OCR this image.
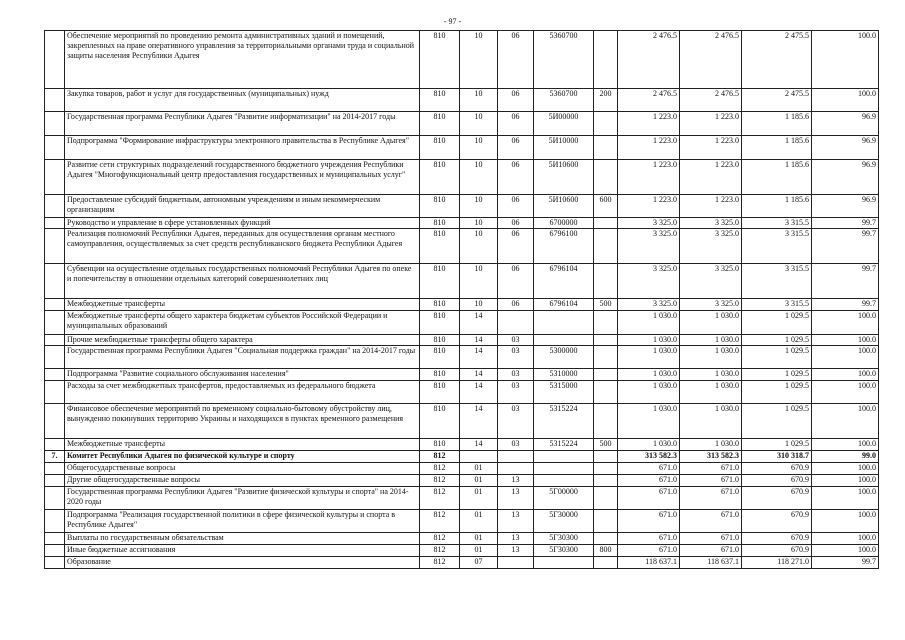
- 97 -
	Обеспечение мероприятий по проведению ремонта административных зданий и помещений, закрепленных на праве оперативного управления за территориальными органами труда и социальной защиты населения Республики Адыгея	810	10	06	5360700		2 476.5	2 476.5	2 475.5	100.0
	Закупка товаров, работ и услуг для государственных (муниципальных) нужд	810	10	06	5360700	200	2 476.5	2 476.5	2 475.5	100.0
	Государственная программа Республики Адыгея "Развитие информатизации" на 2014-2017 годы	810	10	06	5И00000		1 223.0	1 223.0	1 185.6	96.9
	Подпрограмма "Формирование инфраструктуры электронного правительства в Республике Адыгея"	810	10	06	5И10000		1 223.0	1 223.0	1 185.6	96.9
	Развитие сети структурных подразделений государственного бюджетного учреждения Республики Адыгея "Многофункциональный центр предоставления государственных и муниципальных услуг"	810	10	06	5И10600		1 223.0	1 223.0	1 185.6	96.9
	Предоставление субсидий бюджетным, автономным учреждениям и иным некоммерческим организациям	810	10	06	5И10600	600	1 223.0	1 223.0	1 185.6	96.9
	Руководство и управление в сфере установленных функций	810	10	06	6700000		3 325.0	3 325.0	3 315.5	99.7
	Реализация полномочий Республики Адыгея, переданных для осуществления органам местного самоуправления, осуществляемых за счет средств республиканского бюджета Республики Адыгея	810	10	06	6796100		3 325.0	3 325.0	3 315.5	99.7
	Субвенции на осуществление отдельных государственных полномочий Республики Адыгея по опеке и попечительству в отношении отдельных категорий совершеннолетних лиц	810	10	06	6796104		3 325.0	3 325.0	3 315.5	99.7
	Межбюджетные трансферты	810	10	06	6796104	500	3 325.0	3 325.0	3 315.5	99.7
	Межбюджетные трансферты общего характера бюджетам субъектов Российской Федерации и муниципальных образований	810	14				1 030.0	1 030.0	1 029.5	100.0
	Прочие межбюджетные трансферты общего характера	810	14	03			1 030.0	1 030.0	1 029.5	100.0
	Государственная программа Республики Адыгея "Социальная поддержка граждан" на 2014-2017 годы	810	14	03	5300000		1 030.0	1 030.0	1 029.5	100.0
	Подпрограмма "Развитие социального обслуживания населения"	810	14	03	5310000		1 030.0	1 030.0	1 029.5	100.0
	Расходы за счет межбюджетных трансфертов, предоставляемых из федерального бюджета	810	14	03	5315000		1 030.0	1 030.0	1 029.5	100.0
	Финансовое обеспечение мероприятий по временному социально-бытовому обустройству лиц, вынужденно покинувших территорию Украины и находящихся в пунктах временного размещения	810	14	03	5315224		1 030.0	1 030.0	1 029.5	100.0
	Межбюджетные трансферты	810	14	03	5315224	500	1 030.0	1 030.0	1 029.5	100.0
7.	Комитет Республики Адыгея по физической культуре и спорту	812					313 582.3	313 582.3	310 318.7	99.0
	Общегосударственные вопросы	812	01				671.0	671.0	670.9	100.0
	Другие общегосударственные вопросы	812	01	13			671.0	671.0	670.9	100.0
	Государственная программа Республики Адыгея "Развитие физической культуры и спорта" на 2014-2020 годы	812	01	13	5Г00000		671.0	671.0	670.9	100.0
	Подпрограмма "Реализация государственной политики в сфере физической культуры и спорта в Республике Адыгея"	812	01	13	5Г30000		671.0	671.0	670.9	100.0
	Выплаты по государственным обязательствам	812	01	13	5Г30300		671.0	671.0	670.9	100.0
	Иные бюджетные ассигнования	812	01	13	5Г30300	800	671.0	671.0	670.9	100.0
	Образование	812	07				118 637.1	118 637.1	118 271.0	99.7
